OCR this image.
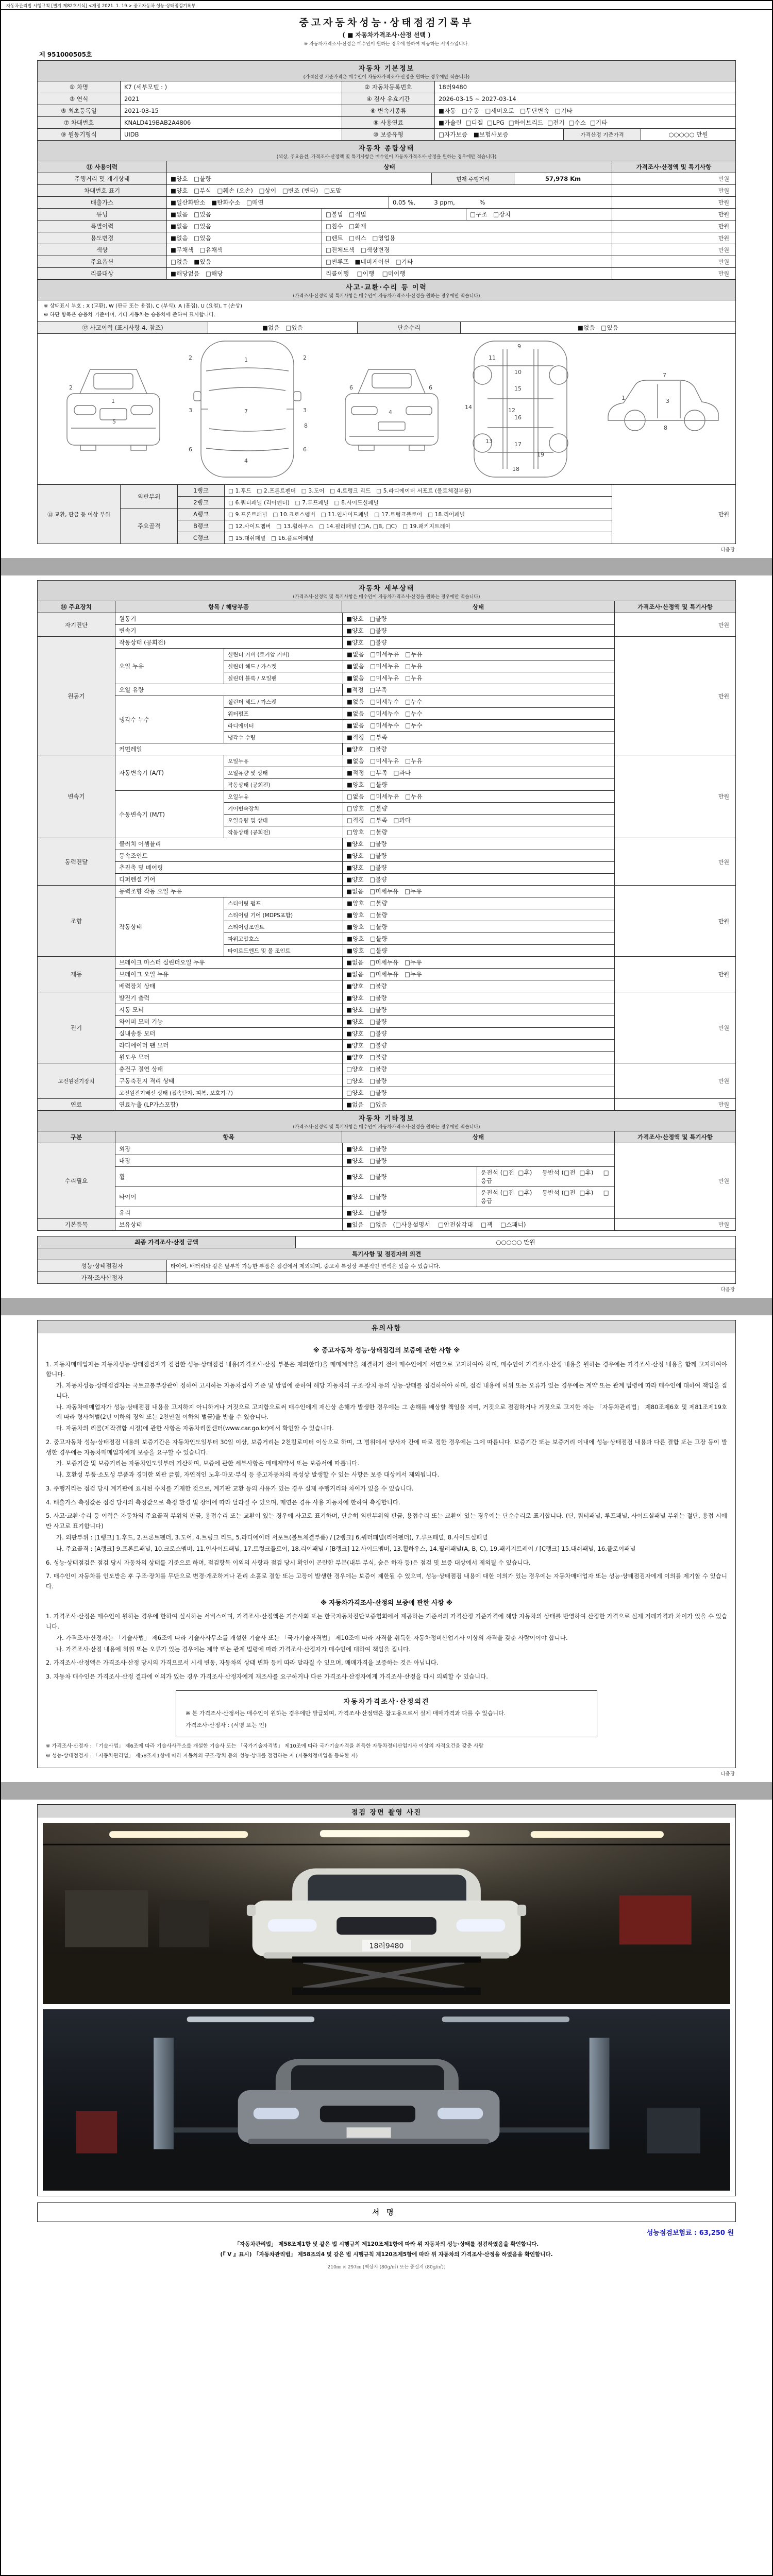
자동차관리법 시행규칙 [별지 제82호서식] <개정 2021. 1. 19.> 중고자동차 성능·상태점검기록부
중고자동차성능·상태점검기록부
( ■ 자동차가격조사·산정 선택 )
※ 자동차가격조사·산정은 매수인이 원하는 경우에 한하여 제공하는 서비스입니다.
제 951000505호
자동차 기본정보
(가격산정 기준가격은 매수인이 자동차가격조사·산정을 원하는 경우에만 적습니다)
① 차명	K7 (세부모델 : )	② 자동차등록번호	18러9480
③ 연식	2021	④ 검사 유효기간	2026-03-15 ~ 2027-03-14
⑤ 최초등록일	2021-03-15	⑥ 변속기종류	■자동   □수동   □세미오토   □무단변속   □기타
⑦ 차대번호	KNALD419BAB2A4806	⑧ 사용연료	■가솔린  □디젤  □LPG  □하이브리드  □전기  □수소  □기타
⑨ 원동기형식	UIDB	⑩ 보증유형	□자가보증   ■보험사보증	가격산정 기준가격	○○○○○ 만원
자동차 종합상태
(색상, 주요옵션, 가격조사·산정액 및 특기사항은 매수인이 자동차가격조사·산정을 원하는 경우에만 적습니다)
⑪ 사용이력	상태	가격조사·산정액 및 특기사항
주행거리 및 계기상태	■양호   □불량	현재 주행거리	57,978 Km	만원
차대번호 표기	■양호   □부식   □훼손 (오손)   □상이   □변조 (변타)   □도말	만원
배출가스	■일산화탄소   ■탄화수소   □매연	0.05 %,          3 ppm,             %	만원
튜닝	■없음   □있음	□불법   □적법	□구조   □장치	만원
특별이력	■없음   □있음	□침수   □화재	만원
용도변경	■없음   □있음	□렌트   □리스   □영업용	만원
색상	■무채색   □유채색	□전체도색   □색상변경	만원
주요옵션	□없음   ■있음	□썬루프   ■네비게이션   □기타	만원
리콜대상	■해당없음   □해당	리콜이행    □이행    □미이행	만원
사고·교환·수리 등 이력
(가격조사·산정액 및 특기사항은 매수인이 자동차가격조사·산정을 원하는 경우에만 적습니다)
※ 상태표시 부호 : X (교환), W (판금 또는 용접), C (부식), A (흠집), U (요철), T (손상)
※ 하단 항목은 승용차 기준이며, 기타 자동차는 승용차에 준하여 표시합니다.
⑫ 사고이력 (표시사항 4. 참조)	■없음   □있음	단순수리	■없음   □있음
1
2
5
1
7
4
2	2
3	3
6	6
8
4
6	6
9
10
11
12
13
14
15
16
17
18
19
1	3
7
8
⑬ 교환, 판금 등 이상 부위
외판부위
1랭크	□ 1.후드   □ 2.프론트펜더   □ 3.도어   □ 4.트렁크 리드   □ 5.라디에이터 서포트 (볼트체결부품)
2랭크	□ 6.쿼터패널 (리어펜더)   □ 7.루프패널   □ 8.사이드실패널
주요골격
A랭크	□ 9.프론트패널   □ 10.크로스멤버   □ 11.인사이드패널   □ 17.트렁크플로어   □ 18.리어패널
B랭크	□ 12.사이드멤버   □ 13.휠하우스   □ 14.필러패널 (□A, □B, □C)   □ 19.패키지트레이
C랭크	□ 15.대쉬패널   □ 16.플로어패널
만원
다음장
자동차 세부상태
(가격조사·산정액 및 특기사항은 매수인이 자동차가격조사·산정을 원하는 경우에만 적습니다)
⑭ 주요장치	항목 / 해당부품	상태	가격조사·산정액 및 특기사항
자기진단
원동기	■양호   □불량
변속기	■양호   □불량
만원
원동기
작동상태 (공회전)	■양호   □불량
오일 누유
실린더 커버 (로커암 커버)	■없음   □미세누유   □누유
실린더 헤드 / 가스켓	■없음   □미세누유   □누유
실린더 블록 / 오일팬	■없음   □미세누유   □누유
오일 유량	■적정   □부족
냉각수 누수
실린더 헤드 / 가스켓	■없음   □미세누수   □누수
워터펌프	■없음   □미세누수   □누수
라디에이터	■없음   □미세누수   □누수
냉각수 수량	■적정   □부족
커먼레일	■양호   □불량
만원
변속기
자동변속기 (A/T)
오일누유	■없음   □미세누유   □누유
오일유량 및 상태	■적정   □부족   □과다
작동상태 (공회전)	■양호   □불량
수동변속기 (M/T)
오일누유	□없음   □미세누유   □누유
기어변속장치	□양호   □불량
오일유량 및 상태	□적정   □부족   □과다
작동상태 (공회전)	□양호   □불량
만원
동력전달
클러치 어셈블리	■양호   □불량
등속조인트	■양호   □불량
추진축 및 베어링	■양호   □불량
디퍼렌셜 기어	■양호   □불량
만원
조향
동력조향 작동 오일 누유	■없음   □미세누유   □누유
작동상태
스티어링 펌프	■양호   □불량
스티어링 기어 (MDPS포함)	■양호   □불량
스티어링조인트	■양호   □불량
파워고압호스	■양호   □불량
타이로드엔드 및 볼 조인트	■양호   □불량
만원
제동
브레이크 마스터 실린더오일 누유	■없음   □미세누유   □누유
브레이크 오일 누유	■없음   □미세누유   □누유
배력장치 상태	■양호   □불량
만원
전기
발전기 출력	■양호   □불량
시동 모터	■양호   □불량
와이퍼 모터 기능	■양호   □불량
실내송풍 모터	■양호   □불량
라디에이터 팬 모터	■양호   □불량
윈도우 모터	■양호   □불량
만원
고전원전기장치
충전구 절연 상태	□양호   □불량
구동축전지 격리 상태	□양호   □불량
고전원전기배선 상태 (접속단자, 피복, 보호기구)	□양호   □불량
만원
연료	연료누출 (LP가스포함)	■없음   □있음	만원
자동차 기타정보
(가격조사·산정액 및 특기사항은 매수인이 자동차가격조사·산정을 원하는 경우에만 적습니다)
구분	항목	상태	가격조사·산정액 및 특기사항
수리필요
외장	■양호   □불량
내장	■양호   □불량
휠	■양호   □불량
운전석 (□전  □후)     동반석 (□전  □후)     □응급
타이어	■양호   □불량
운전석 (□전  □후)     동반석 (□전  □후)     □응급
유리	■양호   □불량
만원
기본품목	보유상태	■있음   □없음   (□사용설명서    □안전삼각대    □잭    □스패너)	만원
최종 가격조사·산정 금액	○○○○○ 만원
특기사항 및 점검자의 의견
성능·상태점검자	타이어, 배터리와 같은 탈부착 가능한 부품은 점검에서 제외되며, 중고차 특성상 부분적인 변색은 있을 수 있습니다.
가격·조사산정자
다음장
유의사항
※ 중고자동차 성능·상태점검의 보증에 관한 사항 ※
1. 자동차매매업자는 자동차성능·상태점검자가 점검한 성능·상태점검 내용(가격조사·산정 부분은 제외한다)을 매매계약을 체결하기 전에 매수인에게 서면으로 고지하여야 하며, 매수인이 가격조사·산정 내용을 원하는 경우에는 가격조사·산정 내용을 함께 고지하여야 합니다.
가. 자동차성능·상태점검자는 국토교통부장관이 정하여 고시하는 자동차검사 기준 및 방법에 준하여 해당 자동차의 구조·장치 등의 성능·상태를 점검하여야 하며, 점검 내용에 허위 또는 오류가 있는 경우에는 계약 또는 관계 법령에 따라 매수인에 대하여 책임을 집니다.
나. 자동차매매업자가 성능·상태점검 내용을 고지하지 아니하거나 거짓으로 고지함으로써 매수인에게 재산상 손해가 발생한 경우에는 그 손해를 배상할 책임을 지며, 거짓으로 점검하거나 거짓으로 고지한 자는 「자동차관리법」 제80조제6호 및 제81조제19호에 따라 형사처벌(2년 이하의 징역 또는 2천만원 이하의 벌금)을 받을 수 있습니다.
다. 자동차의 리콜(제작결함 시정)에 관한 사항은 자동차리콜센터(www.car.go.kr)에서 확인할 수 있습니다.
2. 중고자동차 성능·상태점검 내용의 보증기간은 자동차인도일부터 30일 이상, 보증거리는 2천킬로미터 이상으로 하며, 그 범위에서 당사자 간에 따로 정한 경우에는 그에 따릅니다. 보증기간 또는 보증거리 이내에 성능·상태점검 내용과 다른 결함 또는 고장 등이 발생한 경우에는 자동차매매업자에게 보증을 요구할 수 있습니다.
가. 보증기간 및 보증거리는 자동차인도일부터 기산하며, 보증에 관한 세부사항은 매매계약서 또는 보증서에 따릅니다.
나. 호환성 부품·소모성 부품과 경미한 외관 긁힘, 자연적인 노후·마모·부식 등 중고자동차의 특성상 발생할 수 있는 사항은 보증 대상에서 제외됩니다.
3. 주행거리는 점검 당시 계기판에 표시된 수치를 기재한 것으로, 계기판 교환 등의 사유가 있는 경우 실제 주행거리와 차이가 있을 수 있습니다.
4. 배출가스 측정값은 점검 당시의 측정값으로 측정 환경 및 장비에 따라 달라질 수 있으며, 매연은 경유 사용 자동차에 한하여 측정합니다.
5. 사고·교환·수리 등 이력은 자동차의 주요골격 부위의 판금, 용접수리 또는 교환이 있는 경우에 사고로 표기하며, 단순히 외판부위의 판금, 용접수리 또는 교환이 있는 경우에는 단순수리로 표기합니다. (단, 쿼터패널, 루프패널, 사이드실패널 부위는 절단, 용접 시에만 사고로 표기합니다)
가. 외판부위 : [1랭크] 1.후드, 2.프론트펜더, 3.도어, 4.트렁크 리드, 5.라디에이터 서포트(볼트체결부품) / [2랭크] 6.쿼터패널(리어펜더), 7.루프패널, 8.사이드실패널
나. 주요골격 : [A랭크] 9.프론트패널, 10.크로스멤버, 11.인사이드패널, 17.트렁크플로어, 18.리어패널 / [B랭크] 12.사이드멤버, 13.휠하우스, 14.필러패널(A, B, C), 19.패키지트레이 / [C랭크] 15.대쉬패널, 16.플로어패널
6. 성능·상태점검은 점검 당시 자동차의 상태를 기준으로 하며, 점검항목 이외의 사항과 점검 당시 확인이 곤란한 부분(내부 부식, 숨은 하자 등)은 점검 및 보증 대상에서 제외될 수 있습니다.
7. 매수인이 자동차를 인도받은 후 구조·장치를 무단으로 변경·개조하거나 관리 소홀로 결함 또는 고장이 발생한 경우에는 보증이 제한될 수 있으며, 성능·상태점검 내용에 대한 이의가 있는 경우에는 자동차매매업자 또는 성능·상태점검자에게 이의를 제기할 수 있습니다.
※ 자동차가격조사·산정의 보증에 관한 사항 ※
1. 가격조사·산정은 매수인이 원하는 경우에 한하여 실시하는 서비스이며, 가격조사·산정액은 기술사회 또는 한국자동차진단보증협회에서 제공하는 기준서의 가격산정 기준가격에 해당 자동차의 상태를 반영하여 산정한 가격으로 실제 거래가격과 차이가 있을 수 있습니다.
가. 가격조사·산정자는 「기술사법」 제6조에 따라 기술사사무소를 개설한 기술사 또는 「국가기술자격법」 제10조에 따라 자격을 취득한 자동차정비산업기사 이상의 자격을 갖춘 사람이어야 합니다.
나. 가격조사·산정 내용에 허위 또는 오류가 있는 경우에는 계약 또는 관계 법령에 따라 가격조사·산정자가 매수인에 대하여 책임을 집니다.
2. 가격조사·산정액은 가격조사·산정 당시의 가격으로서 시세 변동, 자동차의 상태 변화 등에 따라 달라질 수 있으며, 매매가격을 보증하는 것은 아닙니다.
3. 자동차 매수인은 가격조사·산정 결과에 이의가 있는 경우 가격조사·산정자에게 재조사를 요구하거나 다른 가격조사·산정자에게 가격조사·산정을 다시 의뢰할 수 있습니다.
자동차가격조사·산정의견
※ 본 가격조사·산정서는 매수인이 원하는 경우에만 발급되며, 가격조사·산정액은 참고용으로서 실제 매매가격과 다를 수 있습니다.
가격조사·산정자 : (서명 또는 인)
※ 가격조사·산정자 : 「기술사법」 제6조에 따라 기술사사무소를 개설한 기술사 또는 「국가기술자격법」 제10조에 따라 국가기술자격을 취득한 자동차정비산업기사 이상의 자격요건을 갖춘 사람
※ 성능·상태점검자 : 「자동차관리법」 제58조제1항에 따라 자동차의 구조·장치 등의 성능·상태를 점검하는 자 (자동차정비업을 등록한 자)
다음장
점검 장면 촬영 사진
18러9480
서명
성능점검보험료 : 63,250 원
「자동차관리법」 제58조제1항 및 같은 법 시행규칙 제120조제1항에 따라 위 자동차의 성능·상태를 점검하였음을 확인합니다.
(『 V 』표시) 「자동차관리법」 제58조의4 및 같은 법 시행규칙 제120조제5항에 따라 위 자동차의 가격조사·산정을 하였음을 확인합니다.
210㎜ × 297㎜ [백상지 (80g/㎡) 또는 중질지 (80g/㎡)]
